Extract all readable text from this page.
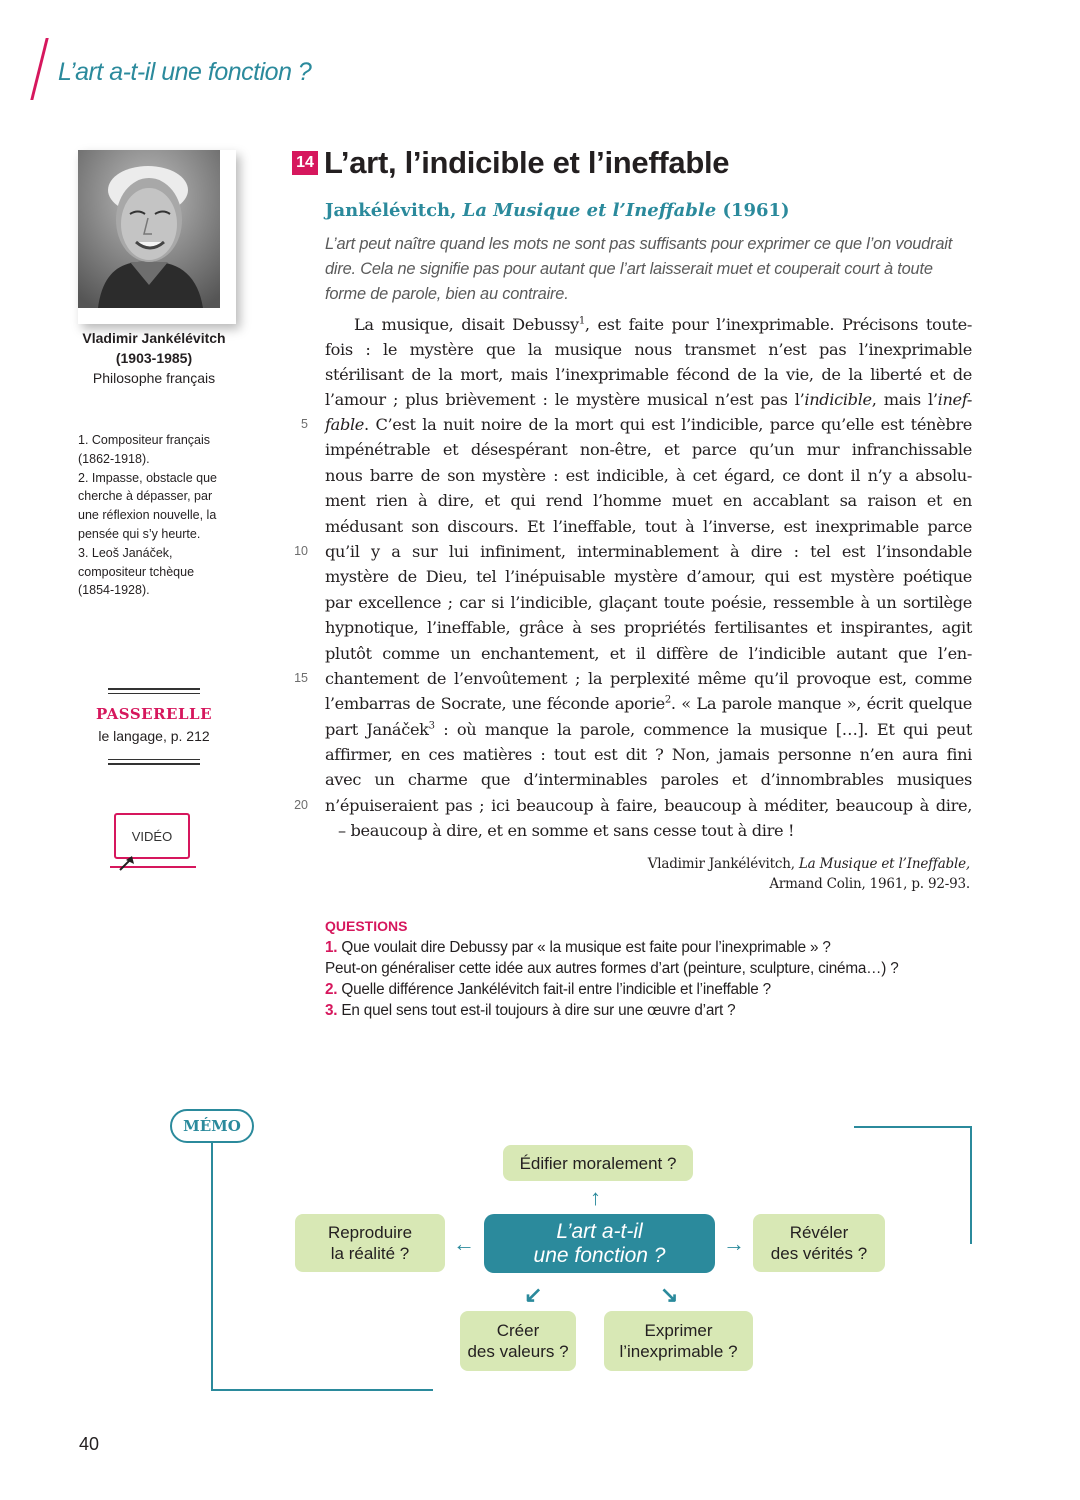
L’art a-t-il une fonction ?
Vladimir Jankélévitch
(1903-1985)
Philosophe français
1. Compositeur français
(1862-1918).
2. Impasse, obstacle que
cherche à dépasser, par
une réflexion nouvelle, la
pensée qui s’y heurte.
3. Leoš Janáček,
compositeur tchèque
(1854-1928).
PASSERELLE
le langage, p. 212
VIDÉO
14 L’art, l’indicible et l’ineffable
Jankélévitch, La Musique et l’Ineffable (1961)
L’art peut naître quand les mots ne sont pas suffisants pour exprimer ce que l’on voudrait dire. Cela ne signifie pas pour autant que l’art laisserait muet et couperait court à toute forme de parole, bien au contraire.
La musique, disait Debussy$^1$, est faite pour l’inexprimable. Précisons toute-
fois : le mystère que la musique nous transmet n’est pas l’inexprimable
stérilisant de la mort, mais l’inexprimable fécond de la vie, de la liberté et de
l’amour ; plus brièvement : le mystère musical n’est pas l’indicible, mais l’inef-
fable. C’est la nuit noire de la mort qui est l’indicible, parce qu’elle est ténèbre
impénétrable et désespérant non-être, et parce qu’un mur infranchissable
nous barre de son mystère : est indicible, à cet égard, ce dont il n’y a absolu-
ment rien à dire, et qui rend l’homme muet en accablant sa raison et en
médusant son discours. Et l’ineffable, tout à l’inverse, est inexprimable parce
qu’il y a sur lui infiniment, interminablement à dire : tel est l’insondable
mystère de Dieu, tel l’inépuisable mystère d’amour, qui est mystère poétique
par excellence ; car si l’indicible, glaçant toute poésie, ressemble à un sortilège
hypnotique, l’ineffable, grâce à ses propriétés fertilisantes et inspirantes, agit
plutôt comme un enchantement, et il diffère de l’indicible autant que l’en-
chantement de l’envoûtement ; la perplexité même qu’il provoque est, comme
l’embarras de Socrate, une féconde aporie$^2$. « La parole manque », écrit quelque
part Janáček$^3$ : où manque la parole, commence la musique […]. Et qui peut
affirmer, en ces matières : tout est dit ? Non, jamais personne n’en aura fini
avec un charme que d’interminables paroles et d’innombrables musiques
n’épuiseraient pas ; ici beaucoup à faire, beaucoup à méditer, beaucoup à dire,
– beaucoup à dire, et en somme et sans cesse tout à dire !
5
10
15
20
Vladimir Jankélévitch, La Musique et l’Ineffable,
Armand Colin, 1961, p. 92-93.
QUESTIONS
1. Que voulait dire Debussy par « la musique est faite pour l’inexprimable » ?
Peut-on généraliser cette idée aux autres formes d’art (peinture, sculpture, cinéma…) ?
2. Quelle différence Jankélévitch fait-il entre l’indicible et l’ineffable ?
3. En quel sens tout est-il toujours à dire sur une œuvre d’art ?
MÉMO
Édifier moralement ?
Reproduire
la réalité ?
L’art a-t-il
une fonction ?
Révéler
des vérités ?
Créer
des valeurs ?
Exprimer
l’inexprimable ?
↑
←	→
↙	↘
40
